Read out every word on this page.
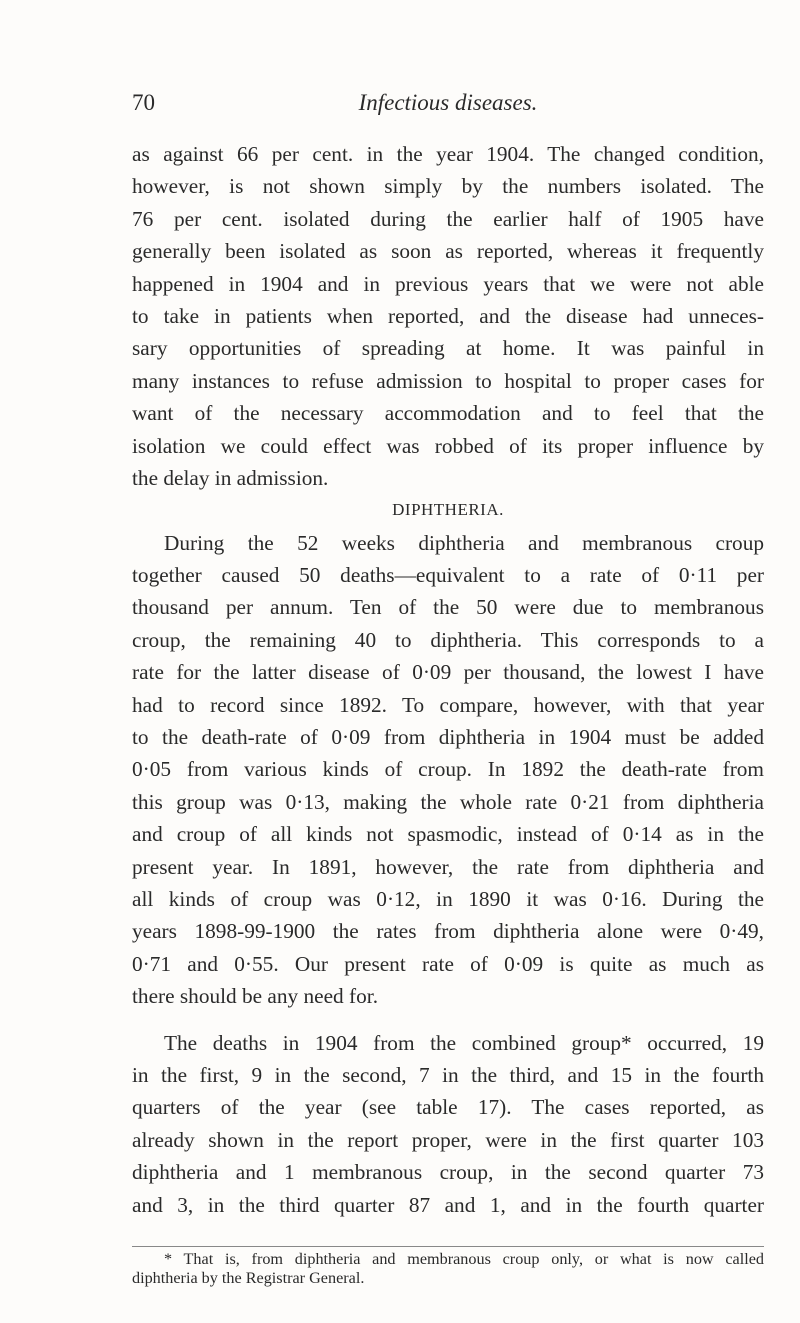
70	Infectious diseases.
as against 66 per cent. in the year 1904. The changed condition,
however, is not shown simply by the numbers isolated. The
76 per cent. isolated during the earlier half of 1905 have
generally been isolated as soon as reported, whereas it frequently
happened in 1904 and in previous years that we were not able
to take in patients when reported, and the disease had unneces-
sary opportunities of spreading at home. It was painful in
many instances to refuse admission to hospital to proper cases for
want of the necessary accommodation and to feel that the
isolation we could effect was robbed of its proper influence by
the delay in admission.
DIPHTHERIA.
During the 52 weeks diphtheria and membranous croup
together caused 50 deaths—equivalent to a rate of 0·11 per
thousand per annum. Ten of the 50 were due to membranous
croup, the remaining 40 to diphtheria. This corresponds to a
rate for the latter disease of 0·09 per thousand, the lowest I have
had to record since 1892. To compare, however, with that year
to the death-rate of 0·09 from diphtheria in 1904 must be added
0·05 from various kinds of croup. In 1892 the death-rate from
this group was 0·13, making the whole rate 0·21 from diphtheria
and croup of all kinds not spasmodic, instead of 0·14 as in the
present year. In 1891, however, the rate from diphtheria and
all kinds of croup was 0·12, in 1890 it was 0·16. During the
years 1898-99-1900 the rates from diphtheria alone were 0·49,
0·71 and 0·55. Our present rate of 0·09 is quite as much as
there should be any need for.
The deaths in 1904 from the combined group* occurred, 19
in the first, 9 in the second, 7 in the third, and 15 in the fourth
quarters of the year (see table 17). The cases reported, as
already shown in the report proper, were in the first quarter 103
diphtheria and 1 membranous croup, in the second quarter 73
and 3, in the third quarter 87 and 1, and in the fourth quarter
* That is, from diphtheria and membranous croup only, or what is now called
diphtheria by the Registrar General.
